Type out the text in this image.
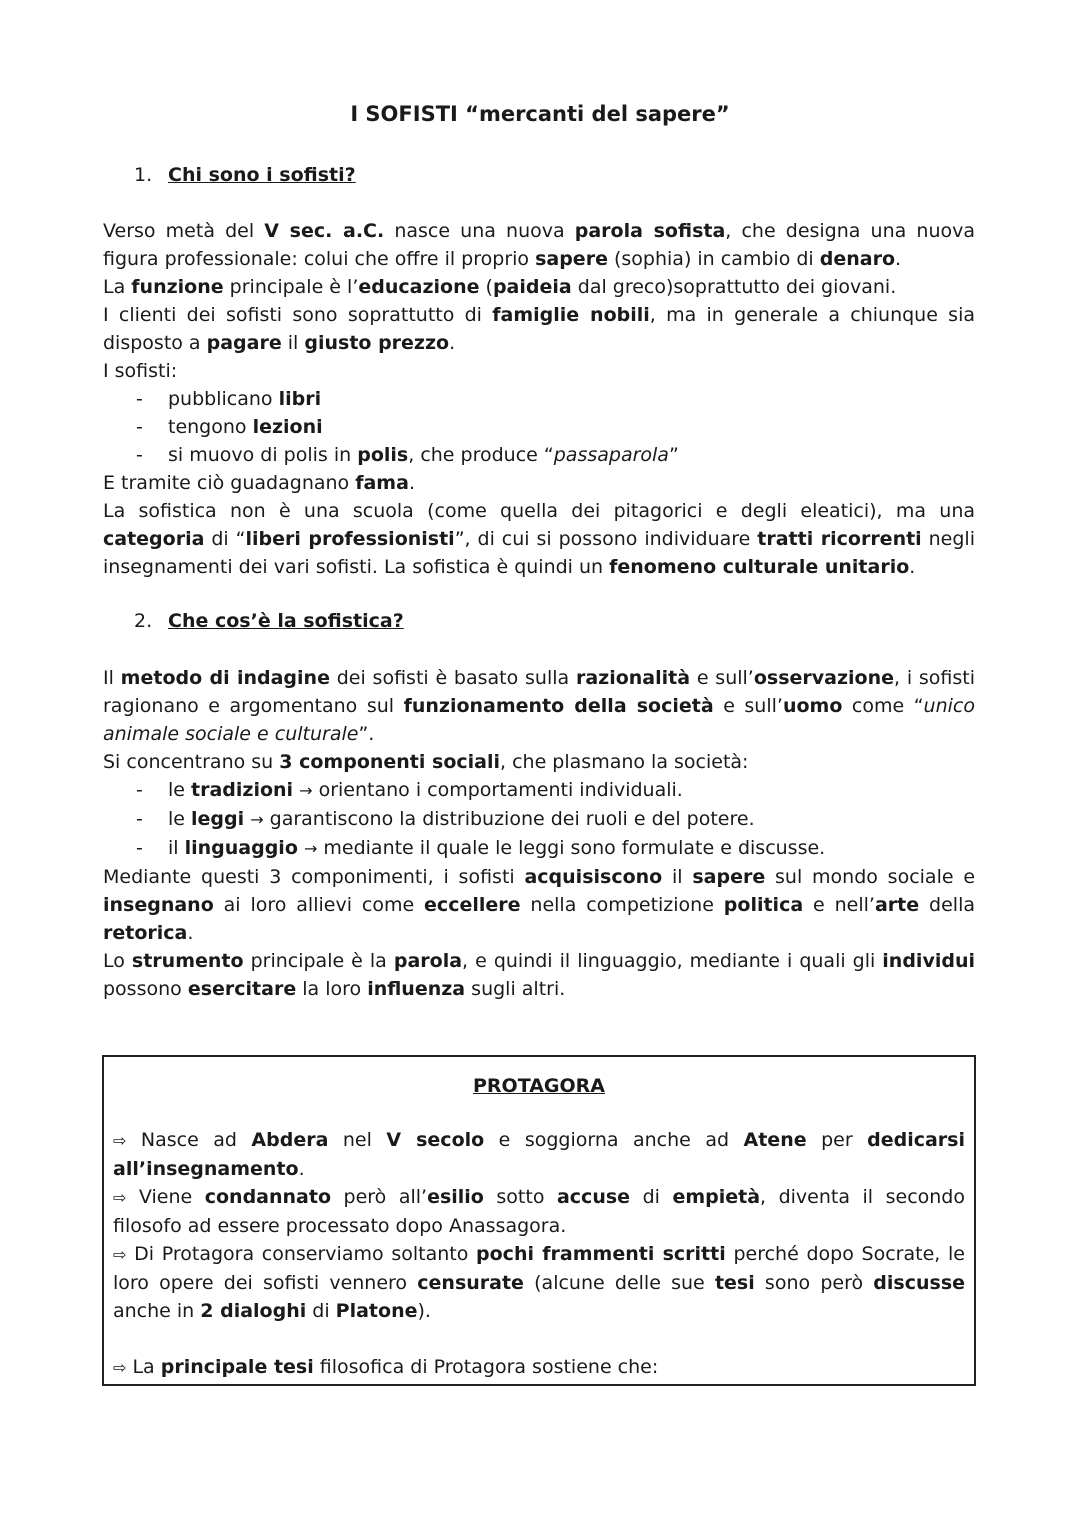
I SOFISTI “mercanti del sapere”
1. Chi sono i sofisti?

Verso metà del V sec. a.C. nasce una nuova parola sofista, che designa una nuova

figura professionale: colui che offre il proprio sapere (sophia) in cambio di denaro.

La funzione principale è l’educazione (paideia dal greco)soprattutto dei giovani.

I clienti dei sofisti sono soprattutto di famiglie nobili, ma in generale a chiunque sia

disposto a pagare il giusto prezzo.

I sofisti:

- pubblicano libri

- tengono lezioni

- si muovo di polis in polis, che produce “passaparola”

E tramite ciò guadagnano fama.

La sofistica non è una scuola (come quella dei pitagorici e degli eleatici), ma una

categoria di “liberi professionisti”, di cui si possono individuare tratti ricorrenti negli

insegnamenti dei vari sofisti. La sofistica è quindi un fenomeno culturale unitario.

2. Che cos’è la sofistica?

Il metodo di indagine dei sofisti è basato sulla razionalità e sull’osservazione, i sofisti

ragionano e argomentano sul funzionamento della società e sull’uomo come “unico

animale sociale e culturale”.

Si concentrano su 3 componenti sociali, che plasmano la società:

- le tradizioni → orientano i comportamenti individuali.

- le leggi → garantiscono la distribuzione dei ruoli e del potere.

- il linguaggio → mediante il quale le leggi sono formulate e discusse.

Mediante questi 3 componimenti, i sofisti acquisiscono il sapere sul mondo sociale e

insegnano ai loro allievi come eccellere nella competizione politica e nell’arte della

retorica.

Lo strumento principale è la parola, e quindi il linguaggio, mediante i quali gli individui

possono esercitare la loro influenza sugli altri.

PROTAGORA

⇨ Nasce ad Abdera nel V secolo e soggiorna anche ad Atene per dedicarsi

all’insegnamento.

⇨ Viene condannato però all’esilio sotto accuse di empietà, diventa il secondo

filosofo ad essere processato dopo Anassagora.

⇨ Di Protagora conserviamo soltanto pochi frammenti scritti perché dopo Socrate, le

loro opere dei sofisti vennero censurate (alcune delle sue tesi sono però discusse

anche in 2 dialoghi di Platone).

⇨ La principale tesi filosofica di Protagora sostiene che:
